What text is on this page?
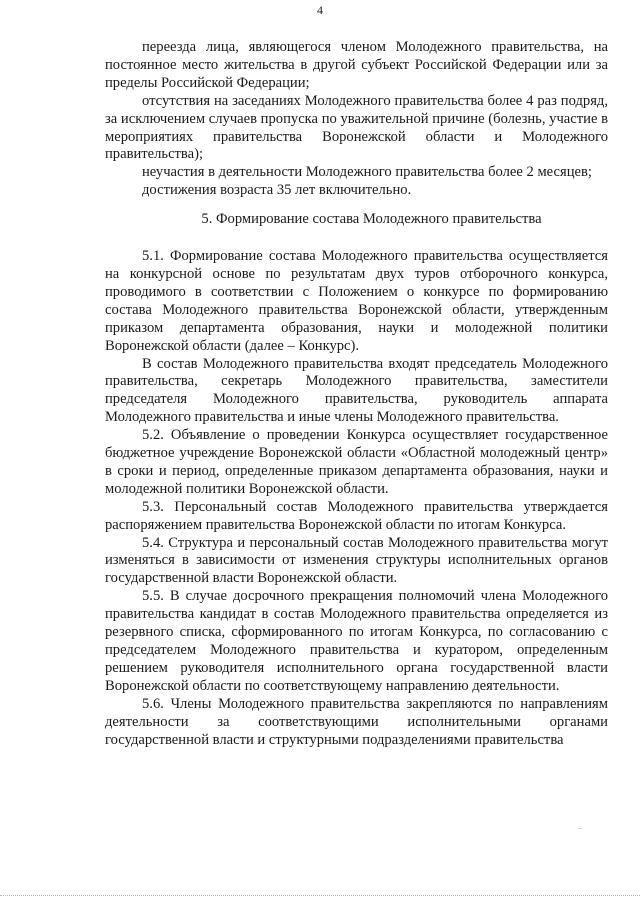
4

переезда лица, являющегося членом Молодежного правительства, на постоянное место жительства в другой субъект Российской Федерации или за пределы Российской Федерации;

отсутствия на заседаниях Молодежного правительства более 4 раз подряд, за исключением случаев пропуска по уважительной причине (болезнь, участие в мероприятиях правительства Воронежской области и Молодежного правительства);

неучастия в деятельности Молодежного правительства более 2 месяцев;

достижения возраста 35 лет включительно.

5. Формирование состава Молодежного правительства

5.1. Формирование состава Молодежного правительства осуществляется на конкурсной основе по результатам двух туров отборочного конкурса, проводимого в соответствии с Положением о конкурсе по формированию состава Молодежного правительства Воронежской области, утвержденным приказом департамента образования, науки и молодежной политики Воронежской области (далее – Конкурс).

В состав Молодежного правительства входят председатель Молодежного правительства, секретарь Молодежного правительства, заместители председателя Молодежного правительства, руководитель аппарата Молодежного правительства и иные члены Молодежного правительства.

5.2. Объявление о проведении Конкурса осуществляет государственное бюджетное учреждение Воронежской области «Областной молодежный центр» в сроки и период, определенные приказом департамента образования, науки и молодежной политики Воронежской области.

5.3. Персональный состав Молодежного правительства утверждается распоряжением правительства Воронежской области по итогам Конкурса.

5.4. Структура и персональный состав Молодежного правительства могут изменяться в зависимости от изменения структуры исполнительных органов государственной власти Воронежской области.

5.5. В случае досрочного прекращения полномочий члена Молодежного правительства кандидат в состав Молодежного правительства определяется из резервного списка, сформированного по итогам Конкурса, по согласованию с председателем Молодежного правительства и куратором, определенным решением руководителя исполнительного органа государственной власти Воронежской области по соответствующему направлению деятельности.

5.6. Члены Молодежного правительства закрепляются по направлениям деятельности за соответствующими исполнительными органами государственной власти и структурными подразделениями правительства
